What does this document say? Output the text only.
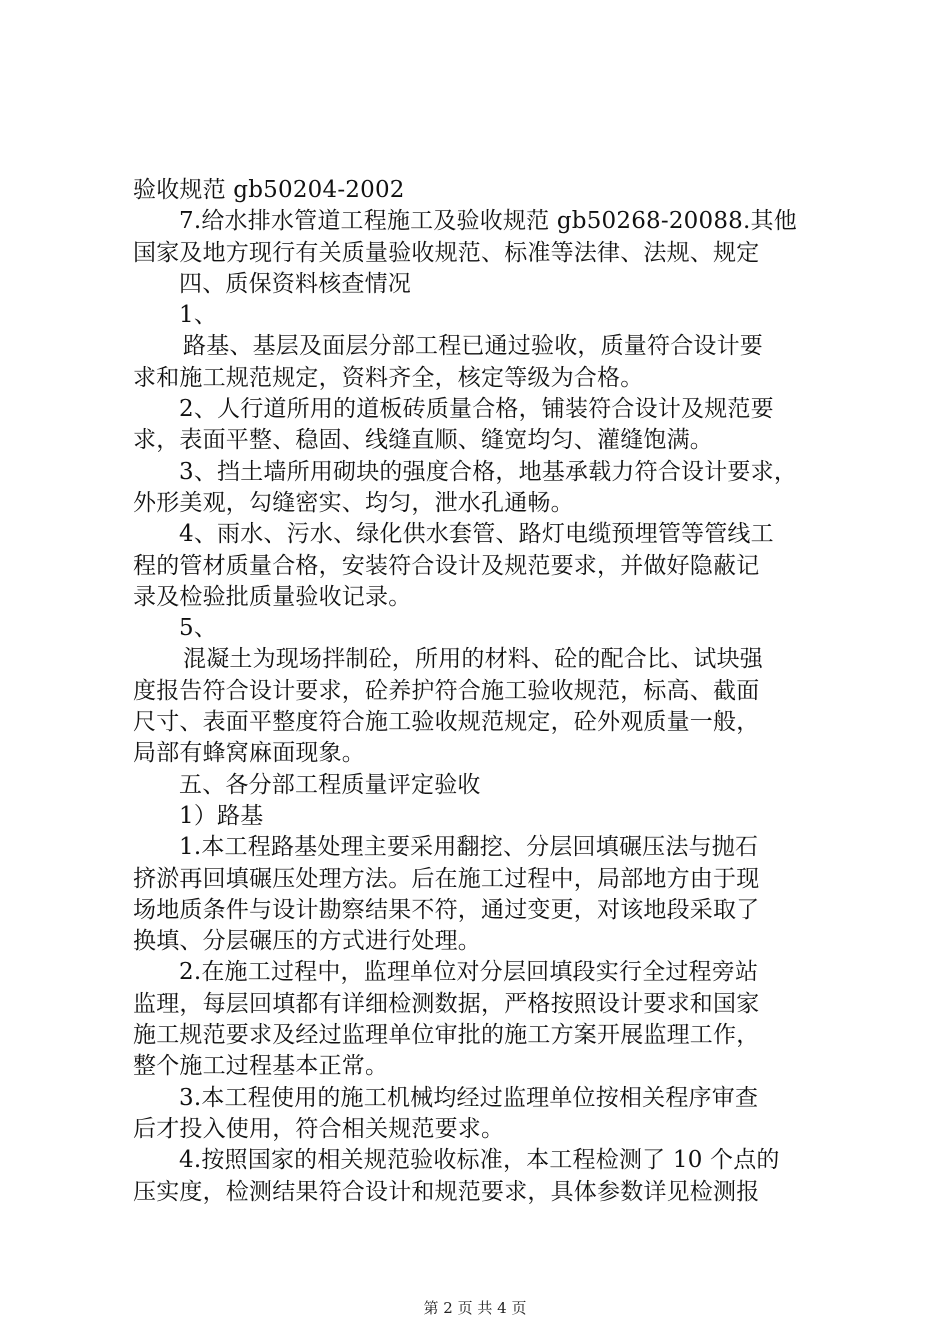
验收规范 gb50204-2002
7.给水排水管道工程施工及验收规范 gb50268-20088.其他
国家及地方现行有关质量验收规范、标准等法律、法规、规定
四、质保资料核查情况
1、
路基、基层及面层分部工程已通过验收，质量符合设计要
求和施工规范规定，资料齐全，核定等级为合格。
2、人行道所用的道板砖质量合格，铺装符合设计及规范要
求，表面平整、稳固、线缝直顺、缝宽均匀、灌缝饱满。
3、挡土墙所用砌块的强度合格，地基承载力符合设计要求，
外形美观，勾缝密实、均匀，泄水孔通畅。
4、雨水、污水、绿化供水套管、路灯电缆预埋管等管线工
程的管材质量合格，安装符合设计及规范要求，并做好隐蔽记
录及检验批质量验收记录。
5、
混凝土为现场拌制砼，所用的材料、砼的配合比、试块强
度报告符合设计要求，砼养护符合施工验收规范，标高、截面
尺寸、表面平整度符合施工验收规范规定，砼外观质量一般，
局部有蜂窝麻面现象。
五、各分部工程质量评定验收
1）路基
1.本工程路基处理主要采用翻挖、分层回填碾压法与抛石
挤淤再回填碾压处理方法。后在施工过程中，局部地方由于现
场地质条件与设计勘察结果不符，通过变更，对该地段采取了
换填、分层碾压的方式进行处理。
2.在施工过程中，监理单位对分层回填段实行全过程旁站
监理，每层回填都有详细检测数据，严格按照设计要求和国家
施工规范要求及经过监理单位审批的施工方案开展监理工作，
整个施工过程基本正常。
3.本工程使用的施工机械均经过监理单位按相关程序审查
后才投入使用，符合相关规范要求。
4.按照国家的相关规范验收标准，本工程检测了 10 个点的
压实度，检测结果符合设计和规范要求，具体参数详见检测报
第 2 页 共 4 页
